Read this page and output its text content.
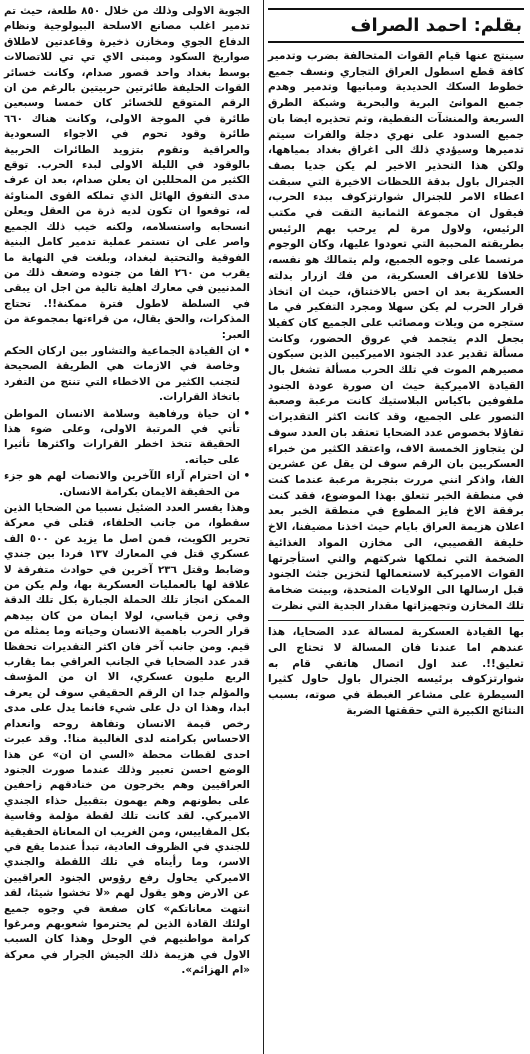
بقلم: احمد الصراف

سينتج عنها قيام القوات المتحالفة بضرب وتدمير كافة قطع اسطول العراق التجاري ونسف جميع خطوط السكك الحديدية ومبانيها وتدمير وهدم جميع الموانئ البرية والبحرية وشبكة الطرق السريعة والمنشآت النفطية، وتم تحذيره ايضا بان جميع السدود على نهري دجلة والفرات سيتم تدميرها وسيؤدي ذلك الى اغراق بغداد بمياهها، ولكن هذا التحذير الاخير لم يكن جديا بصف الجنرال باول بدقة اللحظات الاخيرة التي سبقت اعطاء الامر للجنرال شوارتزكوف ببدء الحرب، فيقول ان مجموعة الثمانية التقت في مكتب الرئيس، ولاول مرة لم يرحب بهم الرئيس بطريقته المحببة التي تعودوا عليها، وكان الوجوم مرتسما على وجوه الجميع، ولم يتمالك هو نفسه، خلافا للاعراف العسكرية، من فك ازرار بدلته العسكرية بعد ان احس بالاختناق، حيث ان اتخاذ قرار الحرب لم يكن سهلا ومجرد التفكير في ما ستجره من ويلات ومصائب على الجميع كان كفيلا بجعل الدم يتجمد في عروق الحضور، وكانت مسألة تقدير عدد الجنود الاميركيين الذين سيكون مصيرهم الموت في تلك الحرب مسألة تشغل بال القيادة الاميركية حيث ان صورة عودة الجنود ملفوفين باكياس البلاستيك كانت مرعبة وصعبة التصور على الجميع، وقد كانت اكثر التقديرات تفاؤلا بخصوص عدد الضحايا تعتقد بان العدد سوف لن يتجاوز الخمسة الاف، واعتقد الكثير من خبراء العسكريين بان الرقم سوف لن يقل عن عشرين الفا، واذكر انني مررت بتجربة مرعبة عندما كنت في منطقة الخبر تتعلق بهذا الموضوع، فقد كنت برفقة الاخ فايز المطوع في منطقة الخبر بعد اعلان هزيمة العراق بايام حيث اخذنا مضيفنا، الاخ خليفة القصيبي، الى مخازن المواد الغذائية الضخمة التي تملكها شركتهم والتي استأجرتها القوات الاميركية لاستعمالها لتخزين جثث الجنود قبل ارسالها الى الولايات المتحدة، وبينت ضخامة تلك المخازن وتجهيزاتها مقدار الجدية التي نظرت

بها القيادة العسكرية لمسالة عدد الضحايا، هذا عندهم اما عندنا فان المسالة لا تحتاج الى تعليق!!. عند اول اتصال هاتفي قام به شوارتزكوف برئيسه الجنرال باول حاول كثيرا السيطرة على مشاعر الغبطة في صوته، بسبب النتائج الكبيرة التي حققتها الضربة

الجوية الاولى وذلك من خلال ٨٥٠ طلعة، حيث تم تدمير اغلب مصانع الاسلحة البيولوجية ونظام الدفاع الجوي ومخازن ذخيرة وقاعدتين لاطلاق صواريخ السكود ومبنى الاي تي تي للاتصالات بوسط بغداد واحد قصور صدام، وكانت خسائر القوات الحليفة طائرتين حربيتين بالرغم من ان الرقم المتوقع للخسائر كان خمسا وسبعين طائرة في الموجة الاولى، وكانت هناك ٦٦٠ طائرة وقود تحوم في الاجواء السعودية والعراقية وتقوم بتزويد الطائرات الحربية بالوقود في الليلة الاولى لبدء الحرب. توقع الكثير من المحللين ان يعلن صدام، بعد ان عرف مدى التفوق الهائل الذي تملكه القوى المناوئة له، توقعوا ان تكون لديه ذرة من العقل ويعلن انسحابه واستسلامه، ولكنه خيب ذلك الجميع واصر على ان تستمر عملية تدمير كامل البنية الفوقية والتحتية لبغداد، وبلغت في النهاية ما يقرب من ٢٦٠ الفا من جنوده وضعف ذلك من المدنيين في معارك اهلية تالية من اجل ان يبقى في السلطة لاطول فترة ممكنة!!. تحتاج المذكرات، والحق يقال، من قراءتها بمجموعة من العبر:

•
ان القيادة الجماعية والتشاور بين اركان الحكم وخاصة في الازمات هي الطريقة الصحيحة لتجنب الكثير من الاخطاء التي تنتج من التفرد باتخاذ القرارات.

•
ان حياة ورفاهية وسلامة الانسان المواطن تأتي في المرتبة الاولى، وعلى ضوء هذا الحقيقة تتخذ اخطر القرارات واكثرها تأثيرا على حياته.

•
ان احترام آراء الآخرين والانصات لهم هو جزء من الحقيقة الايمان بكرامة الانسان.

وهذا يفسر العدد الضئيل نسبيا من الضحايا الذين سقطوا، من جانب الحلفاء، قتلى في معركة تحرير الكويت، فمن اصل ما يزيد عن ٥٠٠ الف عسكري قتل في المعارك ١٣٧ فردا بين جندي وضابط وقتل ٢٣٦ آخرين في حوادث متفرقة لا علاقة لها بالعمليات العسكرية بها، ولم يكن من الممكن انجاز تلك الحملة الجبارة بكل تلك الدقة وفي زمن قياسي، لولا ايمان من كان بيدهم قرار الحرب باهمية الانسان وحياته وما يمثله من قيم. ومن جانب آخر فان اكثر التقديرات تحفظا قدر عدد الضحايا في الجانب العراقي بما يقارب الربع مليون عسكري، الا ان من المؤسف والمؤلم جدا ان الرقم الحقيقي سوف لن يعرف ابدا، وهذا ان دل على شيء فانما يدل على مدى رخص قيمة الانسان وتفاهة روحه وانعدام الاحساس بكرامته لدى الغالبية منا!. وقد عبرت احدى لقطات محطة «السي ان ان» عن هذا الوضع احسن تعبير وذلك عندما صورت الجنود العراقيين وهم يخرجون من خنادقهم زاحفين على بطونهم وهم يهمون بتقبيل حذاء الجندي الاميركي. لقد كانت تلك لقطة مؤلمة وقاسية بكل المقاييس، ومن الغريب ان المعاناة الحقيقية للجندي في الظروف العادية، تبدأ عندما يقع في الاسر، وما رأيناه في تلك اللقطة والجندي الاميركي يحاول رفع رؤوس الجنود العراقيين عن الارض وهو يقول لهم «لا تخشوا شيئا، لقد انتهت معاناتكم» كان صفعة في وجوه جميع اولئك القادة الذين لم يحترموا شعوبهم ومرغوا كرامة مواطنيهم في الوحل وهذا كان السبب الاول في هزيمة ذلك الجيش الجرار في معركة «ام الهزائم».
